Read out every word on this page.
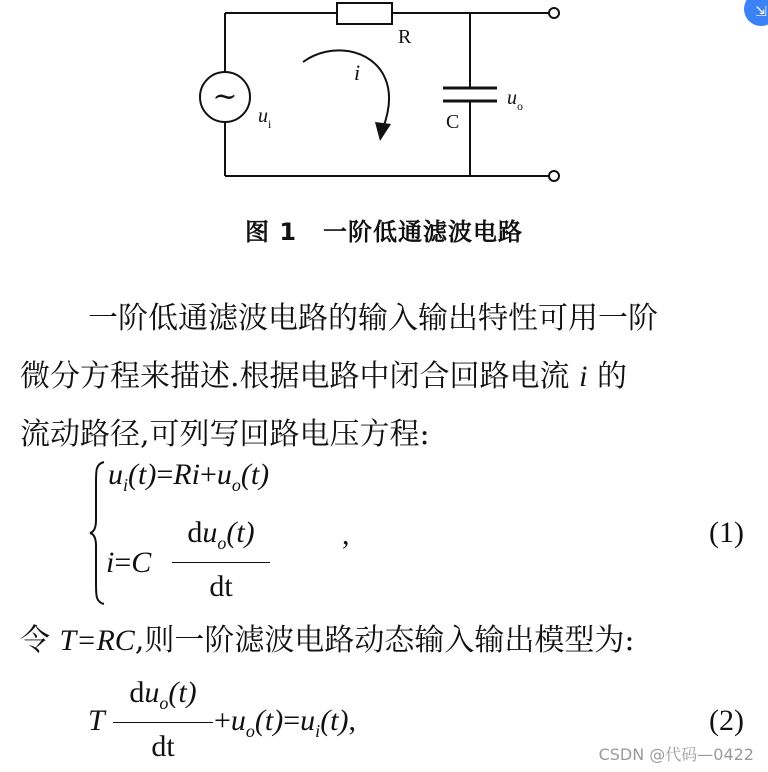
~
R
C
i
$u_i$
$u_o$
图 1 一阶低通滤波电路
一阶低通滤波电路的输入输出特性可用一阶
微分方程来描述.根据电路中闭合回路电流 i 的
流动路径,可列写回路电压方程:
$u_i(t)=Ri+u_o(t)$
i=C
$du_o(t)$
dt
,	(1)
令 T=RC,则一阶滤波电路动态输入输出模型为:
T
$du_o(t)$
dt
$+u_o(t)=u_i(t)$,	(2)
CSDN @代码—0422
⇲
